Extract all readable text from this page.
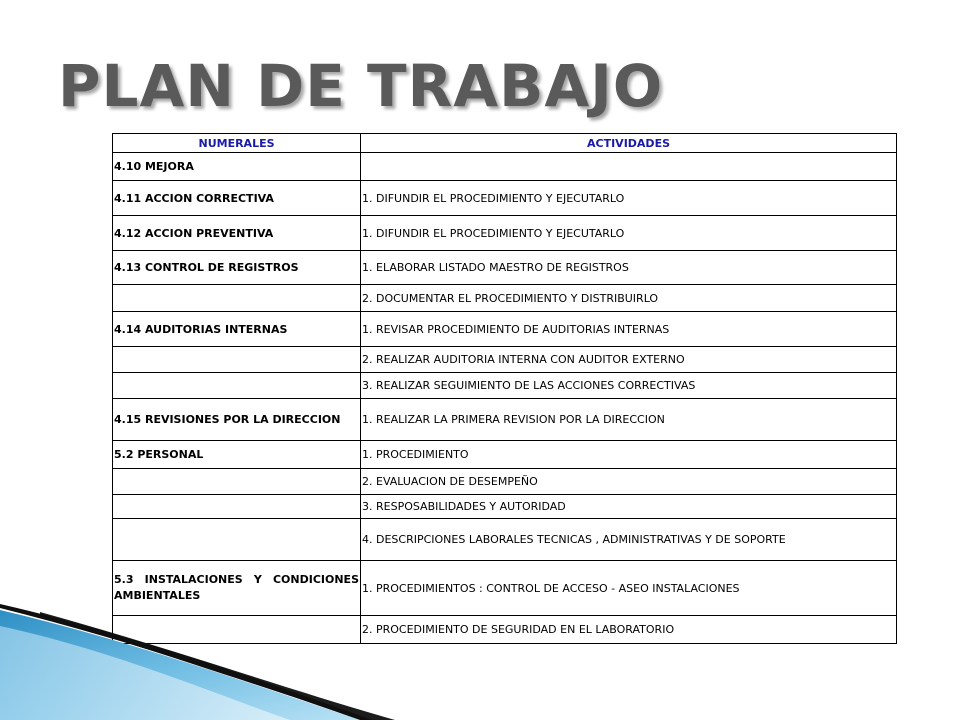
PLAN DE TRABAJO
NUMERALES	ACTIVIDADES
4.10 MEJORA	
4.11 ACCION CORRECTIVA	1. DIFUNDIR EL PROCEDIMIENTO Y EJECUTARLO
4.12 ACCION PREVENTIVA	1. DIFUNDIR EL PROCEDIMIENTO Y EJECUTARLO
4.13 CONTROL DE REGISTROS	1. ELABORAR LISTADO MAESTRO DE REGISTROS
	2. DOCUMENTAR EL PROCEDIMIENTO Y DISTRIBUIRLO
4.14 AUDITORIAS INTERNAS	1. REVISAR PROCEDIMIENTO DE AUDITORIAS INTERNAS
	2. REALIZAR AUDITORIA INTERNA CON AUDITOR EXTERNO
	3. REALIZAR SEGUIMIENTO DE LAS ACCIONES CORRECTIVAS
4.15 REVISIONES POR LA DIRECCION	1. REALIZAR LA PRIMERA REVISION POR LA DIRECCION
5.2 PERSONAL	1. PROCEDIMIENTO
	2. EVALUACION DE DESEMPEÑO
	3. RESPOSABILIDADES Y AUTORIDAD
	4. DESCRIPCIONES LABORALES TECNICAS , ADMINISTRATIVAS Y DE SOPORTE
5.3 INSTALACIONES Y CONDICIONES AMBIENTALES	1. PROCEDIMIENTOS : CONTROL DE ACCESO - ASEO INSTALACIONES
	2. PROCEDIMIENTO DE SEGURIDAD EN EL LABORATORIO
